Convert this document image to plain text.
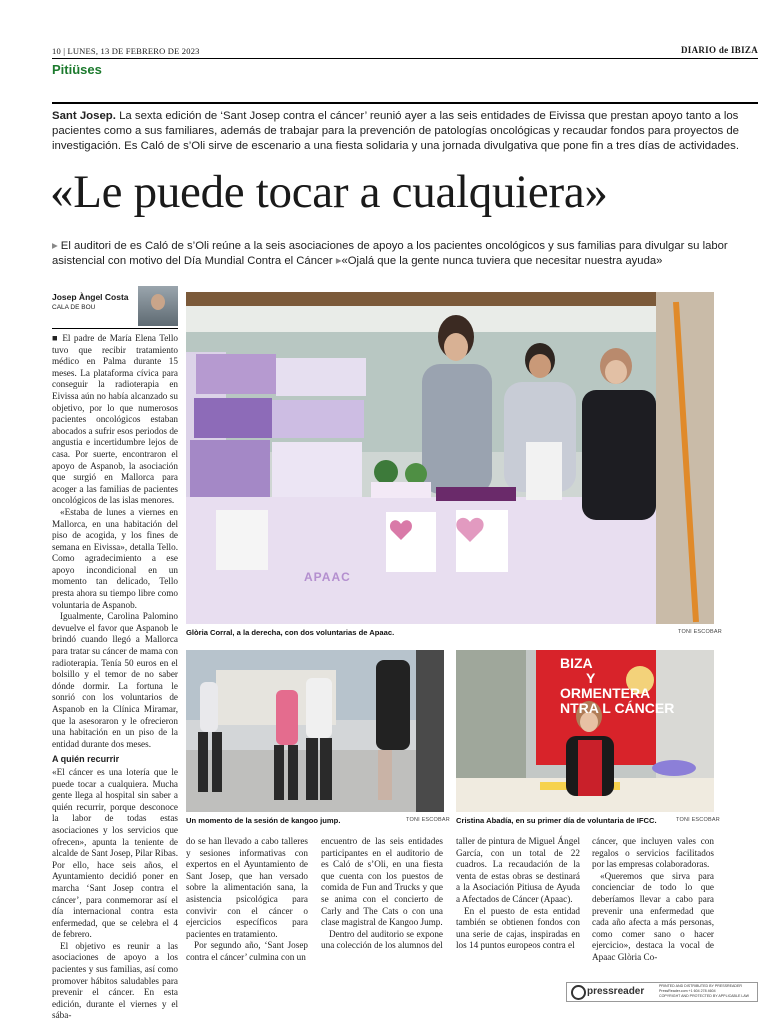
10 | LUNES, 13 DE FEBRERO DE 2023	DIARIO de IBIZA
Pitiüses
Sant Josep. La sexta edición de ‘Sant Josep contra el cáncer’ reunió ayer a las seis entidades de Eivissa que prestan apoyo tanto a los pacientes como a sus familiares, además de trabajar para la prevención de patologías oncológicas y recaudar fondos para proyectos de investigación. Es Caló de s’Oli sirve de escenario a una fiesta solidaria y una jornada divulgativa que pone fin a tres días de actividades.
«Le puede tocar a cualquiera»
▸ El auditori de es Caló de s’Oli reúne a la seis asociaciones de apoyo a los pacientes oncológicos y sus familias para divulgar su labor asistencial con motivo del Día Mundial Contra el Cáncer ▸«Ojalá que la gente nunca tuviera que necesitar nuestra ayuda»
Josep Àngel Costa
CALA DE BOU

■ El padre de María Elena Tello tuvo que recibir tratamiento médico en Palma durante 15 meses. La plataforma cívica para conseguir la radioterapia en Eivissa aún no había alcanzado su objetivo, por lo que numerosos pacientes oncológicos estaban abocados a sufrir esos periodos de angustia e incertidumbre lejos de casa. Por suerte, encontraron el apoyo de Aspanob, la asociación que surgió en Mallorca para acoger a las familias de pacientes oncológicos de las islas menores.

«Estaba de lunes a viernes en Mallorca, en una habitación del piso de acogida, y los fines de semana en Eivissa», detalla Tello. Como agradecimiento a ese apoyo incondicional en un momento tan delicado, Tello presta ahora su tiempo libre como voluntaria de Aspanob.

Igualmente, Carolina Palomino devuelve el favor que Aspanob le brindó cuando llegó a Mallorca para tratar su cáncer de mama con radioterapia. Tenía 50 euros en el bolsillo y el temor de no saber dónde dormir. La fortuna le sonrió con los voluntarios de Aspanob en la Clínica Miramar, que la asesoraron y le ofrecieron una habitación en un piso de la entidad durante dos meses.

A quién recurrir

«El cáncer es una lotería que le puede tocar a cualquiera. Mucha gente llega al hospital sin saber a quién recurrir, porque desconoce la labor de todas estas asociaciones y los servicios que ofrecen», apunta la teniente de alcalde de Sant Josep, Pilar Ribas. Por ello, hace seis años, el Ayuntamiento decidió poner en marcha ‘Sant Josep contra el cáncer’, para conmemorar así el día internacional contra esta enfermedad, que se celebra el 4 de febrero.

El objetivo es reunir a las asociaciones de apoyo a los pacientes y sus familias, así como promover hábitos saludables para prevenir el cáncer. En esta edición, durante el viernes y el sába-

APAAC
Glòria Corral, a la derecha, con dos voluntarias de Apaac.	TONI ESCOBAR
Un momento de la sesión de kangoo jump.	TONI ESCOBAR
BIZA
Y
ORMENTERA
NTRA L CÁNCER
Cristina Abadía, en su primer día de voluntaria de IFCC.	TONI ESCOBAR

do se han llevado a cabo talleres y sesiones informativas con expertos en el Ayuntamiento de Sant Josep, que han versado sobre la alimentación sana, la asistencia psicológica para convivir con el cáncer o ejercicios específicos para pacientes en tratamiento.

Por segundo año, ‘Sant Josep contra el cáncer’ culmina con un

encuentro de las seis entidades participantes en el auditorio de es Caló de s’Oli, en una fiesta que cuenta con los puestos de comida de Fun and Trucks y que se anima con el concierto de Carly and The Cats o con una clase magistral de Kangoo Jump.

Dentro del auditorio se expone una colección de los alumnos del

taller de pintura de Miguel Ángel García, con un total de 22 cuadros. La recaudación de la venta de estas obras se destinará a la Asociación Pitiusa de Ayuda a Afectados de Cáncer (Apaac).

En el puesto de esta entidad también se obtienen fondos con una serie de cajas, inspiradas en los 14 puntos europeos contra el

cáncer, que incluyen vales con regalos o servicios facilitados por las empresas colaboradoras.

«Queremos que sirva para concienciar de todo lo que deberíamos llevar a cabo para prevenir una enfermedad que cada año afecta a más personas, como comer sano o hacer ejercicio», destaca la vocal de Apaac Glòria Co-

pressreader	PRINTED AND DISTRIBUTED BY PRESSREADER
PressReader.com +1 604 278 4604
COPYRIGHT AND PROTECTED BY APPLICABLE LAW
